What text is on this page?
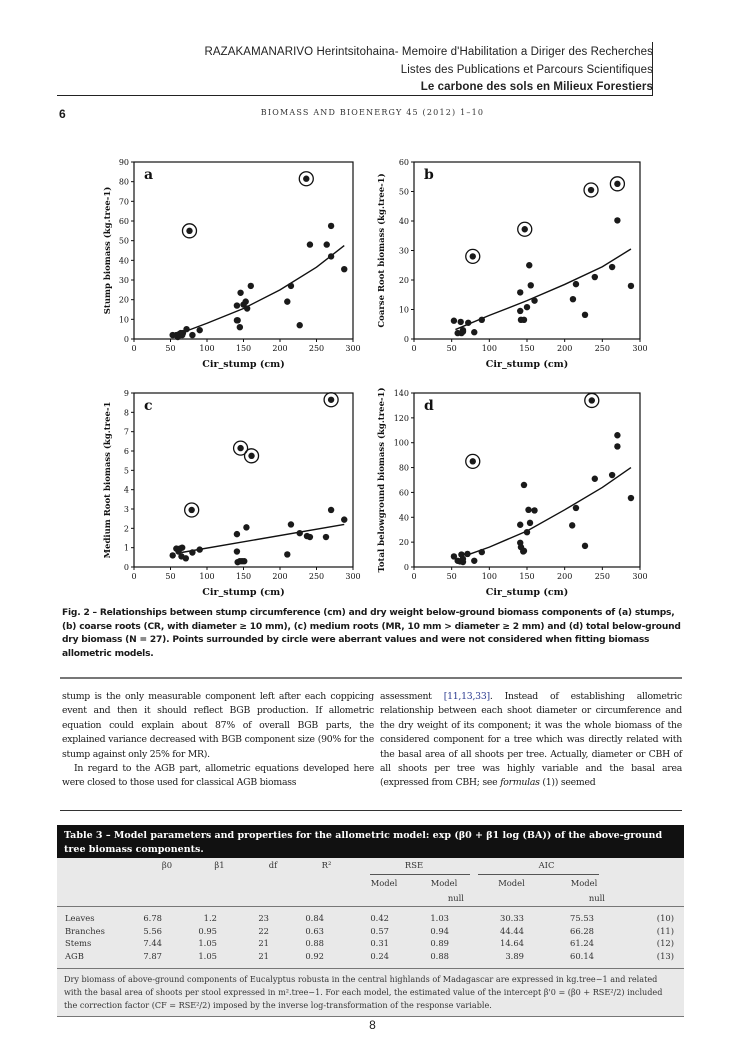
RAZAKAMANARIVO Herintsitohaina- Memoire d'Habilitation a Diriger des Recherches
Listes des Publications et Parcours Scientifiques
Le carbone des sols en Milieux Forestiers
6	BIOMASS AND BIOENERGY 45 (2012) 1–10
0	50	100	150	200	250	300
0
10
20
30
40
50
60
70
80
90
Cir_stump (cm)
Stump biomass (kg.tree-1)
a
0	50	100	150	200	250	300
0
10
20
30
40
50
60
Cir_stump (cm)
Coarse Root biomass (kg.tree-1)	b
0	50	100	150	200	250	300
0
1
2
3
4
5
6
7
8
9
Cir_stump (cm)
Medium Root biomass (kg.tree-1 c
0	50	100	150	200	250	300
0
20
40
60
80
100
120
140
Cir_stump (cm)
Total belowground biomass (kg.tree-1)	d
Fig. 2 – Relationships between stump circumference (cm) and dry weight below-ground biomass components of (a) stumps, (b) coarse roots (CR, with diameter ≥ 10 mm), (c) medium roots (MR, 10 mm > diameter ≥ 2 mm) and (d) total below-ground dry biomass (N = 27). Points surrounded by circle were aberrant values and were not considered when fitting biomass allometric models.

stump is the only measurable component left after each coppicing event and then it should reflect BGB production. If allometric equation could explain about 87% of overall BGB parts, the explained variance decreased with BGB component size (90% for the stump against only 25% for MR).

In regard to the AGB part, allometric equations developed here were closed to those used for classical AGB biomass

assessment [11,13,33]. Instead of establishing allometric relationship between each shoot diameter or circumference and the dry weight of its component; it was the whole biomass of the considered component for a tree which was directly related with the basal area of all shoots per tree. Actually, diameter or CBH of all shoots per tree was highly variable and the basal area (expressed from CBH; see formulas (1)) seemed

Table 3 – Model parameters and properties for the allometric model: exp (β0 + β1 log (BA)) of the above-ground tree biomass components.
	β0	β1	df	R²	RSE		AIC		

					Model	Model	Model	Model	
						null		null	

Leaves	6.78	1.2	23	0.84	0.42	1.03	30.33	75.53	(10)
Branches	5.56	0.95	22	0.63	0.57	0.94	44.44	66.28	(11)
Stems	7.44	1.05	21	0.88	0.31	0.89	14.64	61.24	(12)
AGB	7.87	1.05	21	0.92	0.24	0.88	3.89	60.14	(13)
Dry biomass of above-ground components of Eucalyptus robusta in the central highlands of Madagascar are expressed in kg.tree−1 and related with the basal area of shoots per stool expressed in m².tree−1. For each model, the estimated value of the intercept β'0 = (β0 + RSE²/2) included the correction factor (CF = RSE²/2) imposed by the inverse log-transformation of the response variable.
8
